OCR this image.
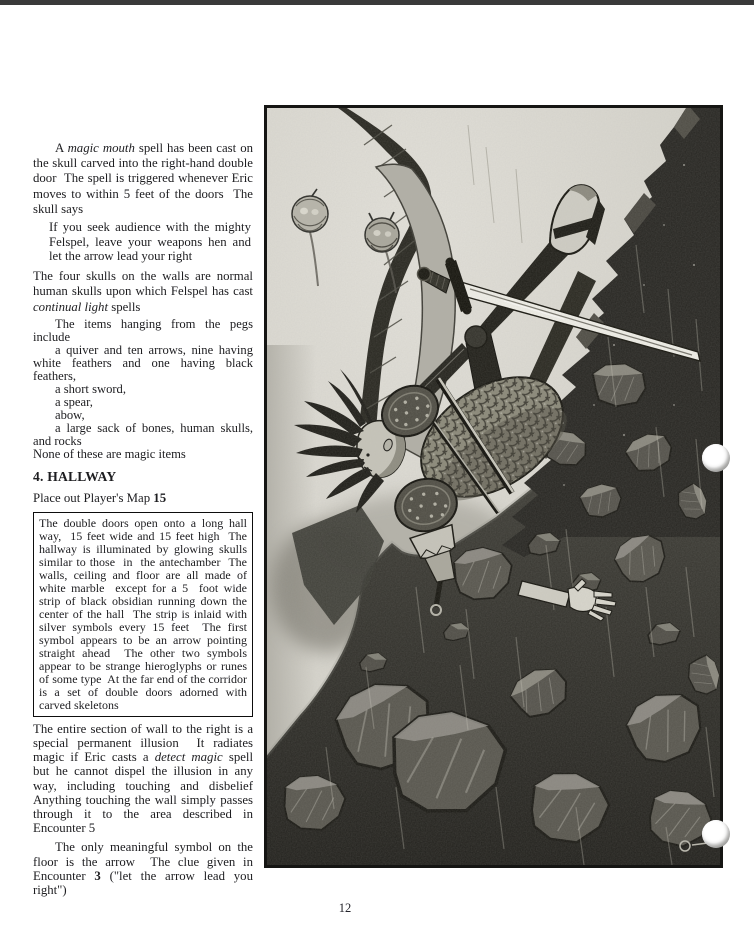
A magic mouth spell has been cast on the skull carved into the right-hand double door  The spell is triggered whenever Eric moves to within 5 feet of the doors  The skull says

If you seek audience with the mighty Felspel, leave your weapons hen and let the arrow lead your right

The four skulls on the walls are normal human skulls upon which Felspel has cast continual light spells

The items hanging from the pegs include

a quiver and ten arrows, nine having white feathers and one having black feathers,

a short sword,

a spear,

abow,

a large sack of bones, human skulls, and rocks

None of these are magic items

4. HALLWAY

Place out Player's Map 15

The double doors open onto a long hall way,  15 feet wide and 15 feet high  The hallway is illuminated by glowing skulls similar to those  in  the antechamber  The walls, ceiling and floor are all made of white marble  except for a 5  foot wide strip of black obsidian running down the center of the hall  The strip is inlaid with silver symbols every 15 feet  The first symbol appears to be an arrow pointing straight ahead  The other two symbols appear to be strange hieroglyphs or runes of some type  At the far end of the corridor is a set of double doors adorned with carved skeletons

The entire section of wall to the right is a special permanent illusion  It radiates magic if Eric casts a detect magic spell  but he cannot dispel the illusion in any way, including touching and disbelief  Anything touching the wall simply passes through it to the area described in Encounter 5

The only meaningful symbol on the floor is the arrow  The clue given in Encounter 3 ("let the arrow lead you right")

12
